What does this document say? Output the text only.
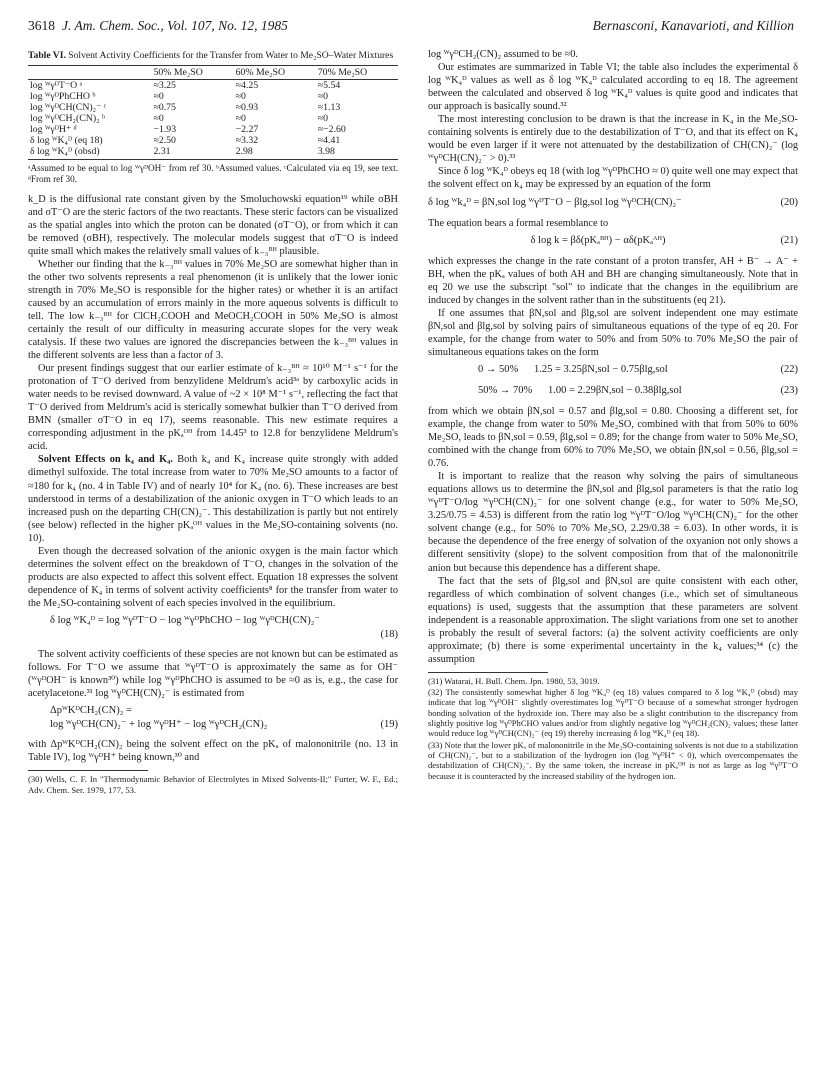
3618 J. Am. Chem. Soc., Vol. 107, No. 12, 1985	Bernasconi, Kanavarioti, and Killion
Table VI. Solvent Activity Coefficients for the Transfer from Water to Me₂SO–Water Mixtures
	50% Me₂SO	60% Me₂SO	70% Me₂SO
log ᵂγᴰT⁻O ᵃ	≈3.25	≈4.25	≈5.54
log ᵂγᴰPhCHO ᵇ	≈0	≈0	≈0
log ᵂγᴰCH(CN)₂⁻ ᶜ	≈0.75	≈0.93	≈1.13
log ᵂγᴰCH₂(CN)₂ ᵇ	≈0	≈0	≈0
log ᵂγᴰH⁺ ᵈ	−1.93	−2.27	≈−2.60
δ log ᵂK₄ᴰ (eq 18)	≈2.50	≈3.32	≈4.41
δ log ᵂK₄ᴰ (obsd)	2.31	2.98	3.98
ᵃAssumed to be equal to log ᵂγᴰOH⁻ from ref 30. ᵇAssumed values. ᶜCalculated via eq 19, see text. ᵈFrom ref 30.

k_D is the diffusional rate constant given by the Smoluchowski equation¹⁹ while σBH and σT⁻O are the steric factors of the two reactants. These steric factors can be visualized as the spatial angles into which the proton can be donated (σT⁻O), or from which it can be removed (σBH), respectively. The molecular models suggest that σT⁻O is indeed quite small which makes the relatively small values of k₋₃ᴮᴴ plausible.

Whether our finding that the k₋₃ᴮᴴ values in 70% Me₂SO are somewhat higher than in the other two solvents represents a real phenomenon (it is unlikely that the lower ionic strength in 70% Me₂SO is responsible for the higher rates) or whether it is an artifact caused by an accumulation of errors mainly in the more aqueous solvents is difficult to tell. The low k₋₃ᴮᴴ for ClCH₂COOH and MeOCH₂COOH in 50% Me₂SO is almost certainly the result of our difficulty in measuring accurate slopes for the very weak catalysis. If these two values are ignored the discrepancies between the k₋₃ᴮᴴ values in the different solvents are less than a factor of 3.

Our present findings suggest that our earlier estimate of k₋₃ᴮᴴ ≈ 10¹⁰ M⁻¹ s⁻¹ for the protonation of T⁻O derived from benzylidene Meldrum's acid³ᵃ by carboxylic acids in water needs to be revised downward. A value of ~2 × 10⁸ M⁻¹ s⁻¹, reflecting the fact that T⁻O derived from Meldrum's acid is sterically somewhat bulkier than T⁻O derived from BMN (smaller σT⁻O in eq 17), seems reasonable. This new estimate requires a corresponding adjustment in the pKₐᴼᴴ from 14.45³ to 12.8 for benzylidene Meldrum's acid.

Solvent Effects on k₄ and K₄. Both k₄ and K₄ increase quite strongly with added dimethyl sulfoxide. The total increase from water to 70% Me₂SO amounts to a factor of ≈180 for k₄ (no. 4 in Table IV) and of nearly 10⁴ for K₄ (no. 6). These increases are best understood in terms of a destabilization of the anionic oxygen in T⁻O which leads to an increased push on the departing CH(CN)₂⁻. This destabilization is partly but not entirely (see below) reflected in the higher pKₐᴼᴴ values in the Me₂SO-containing solvents (no. 10).

Even though the decreased solvation of the anionic oxygen is the main factor which determines the solvent effect on the breakdown of T⁻O, changes in the solvation of the products are also expected to affect this solvent effect. Equation 18 expresses the solvent dependence of K₄ in terms of solvent activity coefficients⁸ for the transfer from water to the Me₂SO-containing solvent of each species involved in the equilibrium.

δ log ᵂK₄ᴰ = log ᵂγᴰT⁻O − log ᵂγᴰPhCHO − log ᵂγᴰCH(CN)₂⁻
(18)

The solvent activity coefficients of these species are not known but can be estimated as follows. For T⁻O we assume that ᵂγᴰT⁻O is approximately the same as for OH⁻ (ᵂγᴰOH⁻ is known³⁰) while log ᵂγᴰPhCHO is assumed to be ≈0 as is, e.g., the case for acetylacetone.³¹ log ᵂγᴰCH(CN)₂⁻ is estimated from

ΔpᵂKᴰCH₂(CN)₂ =
log ᵂγᴰCH(CN)₂⁻ + log ᵂγᴰH⁺ − log ᵂγᴰCH₂(CN)₂	(19)

with ΔpᵂKᴰCH₂(CN)₂ being the solvent effect on the pKₐ of malononitrile (no. 13 in Table IV), log ᵂγᴰH⁺ being known,³⁰ and

(30) Wells, C. F. In "Thermodynamic Behavior of Electrolytes in Mixed Solvents-II;" Furter, W. F., Ed.; Adv. Chem. Ser. 1979, 177, 53.

log ᵂγᴰCH₂(CN)₂ assumed to be ≈0.

Our estimates are summarized in Table VI; the table also includes the experimental δ log ᵂK₄ᴰ values as well as δ log ᵂK₄ᴰ calculated according to eq 18. The agreement between the calculated and observed δ log ᵂK₄ᴰ values is quite good and indicates that our approach is basically sound.³²

The most interesting conclusion to be drawn is that the increase in K₄ in the Me₂SO-containing solvents is entirely due to the destabilization of T⁻O, and that its effect on K₄ would be even larger if it were not attenuated by the destabilization of CH(CN)₂⁻ (log ᵂγᴰCH(CN)₂⁻ > 0).³³

Since δ log ᵂK₄ᴰ obeys eq 18 (with log ᵂγᴰPhCHO ≈ 0) quite well one may expect that the solvent effect on k₄ may be expressed by an equation of the form

δ log ᵂk₄ᴰ = βN,sol log ᵂγᴰT⁻O − βlg,sol log ᵂγᴰCH(CN)₂⁻	(20)

The equation bears a formal resemblance to

δ log k = βδ(pKₐᴮᴴ) − αδ(pKₐᴬᴴ)	(21)

which expresses the change in the rate constant of a proton transfer, AH + B⁻ → A⁻ + BH, when the pKₐ values of both AH and BH are changing simultaneously. Note that in eq 20 we use the subscript "sol" to indicate that the changes in the equilibrium are induced by changes in the solvent rather than in the substituents (eq 21).

If one assumes that βN,sol and βlg,sol are solvent independent one may estimate βN,sol and βlg,sol by solving pairs of simultaneous equations of the type of eq 20. For example, for the change from water to 50% and from 50% to 70% Me₂SO the pair of simultaneous equations takes on the form

0 → 50%      1.25 = 3.25βN,sol − 0.75βlg,sol	(22)
50% → 70%      1.00 = 2.29βN,sol − 0.38βlg,sol	(23)

from which we obtain βN,sol = 0.57 and βlg,sol = 0.80. Choosing a different set, for example, the change from water to 50% Me₂SO, combined with that from 50% to 60% Me₂SO, leads to βN,sol = 0.59, βlg,sol = 0.89; for the change from water to 50% Me₂SO, combined with the change from 60% to 70% Me₂SO, we obtain βN,sol = 0.56, βlg,sol = 0.76.

It is important to realize that the reason why solving the pairs of simultaneous equations allows us to determine the βN,sol and βlg,sol parameters is that the ratio log ᵂγᴰT⁻O/log ᵂγᴰCH(CN)₂⁻ for one solvent change (e.g., for water to 50% Me₂SO, 3.25/0.75 = 4.53) is different from the ratio log ᵂγᴰT⁻O/log ᵂγᴰCH(CN)₂⁻ for the other solvent change (e.g., for 50% to 70% Me₂SO, 2.29/0.38 = 6.03). In other words, it is because the dependence of the free energy of solvation of the oxyanion not only shows a different sensitivity (slope) to the solvent composition from that of the malononitrile anion but because this dependence has a different shape.

The fact that the sets of βlg,sol and βN,sol are quite consistent with each other, regardless of which combination of solvent changes (i.e., which set of simultaneous equations) is used, suggests that the assumption that these parameters are solvent independent is a reasonable approximation. The slight variations from one set to another is probably the result of several factors: (a) the solvent activity coefficients are only approximate; (b) there is some experimental uncertainty in the k₄ values;³⁴ (c) the assumption

(31) Watarai, H. Bull. Chem. Jpn. 1980, 53, 3019.
(32) The consistently somewhat higher δ log ᵂK₄ᴰ (eq 18) values compared to δ log ᵂK₄ᴰ (obsd) may indicate that log ᵂγᴰOH⁻ slightly overestimates log ᵂγᴰT⁻O because of a somewhat stronger hydrogen bonding solvation of the hydroxide ion. There may also be a slight contribution to the discrepancy from slightly positive log ᵂγᴰPhCHO values and/or from slightly negative log ᵂγᴰCH₂(CN)₂ values; these latter would reduce log ᵂγᴰCH(CN)₂⁻ (eq 19) thereby increasing δ log ᵂK₄ᴰ (eq 18).
(33) Note that the lower pKₐ of malononitrile in the Me₂SO-containing solvents is not due to a stabilization of CH(CN)₂⁻, but to a stabilization of the hydrogen ion (log ᵂγᴰH⁺ < 0), which overcompensates the destabilization of CH(CN)₂⁻. By the same token, the increase in pKₐᴼᴴ is not as large as log ᵂγᴰT⁻O because it is counteracted by the increased stability of the hydrogen ion.
